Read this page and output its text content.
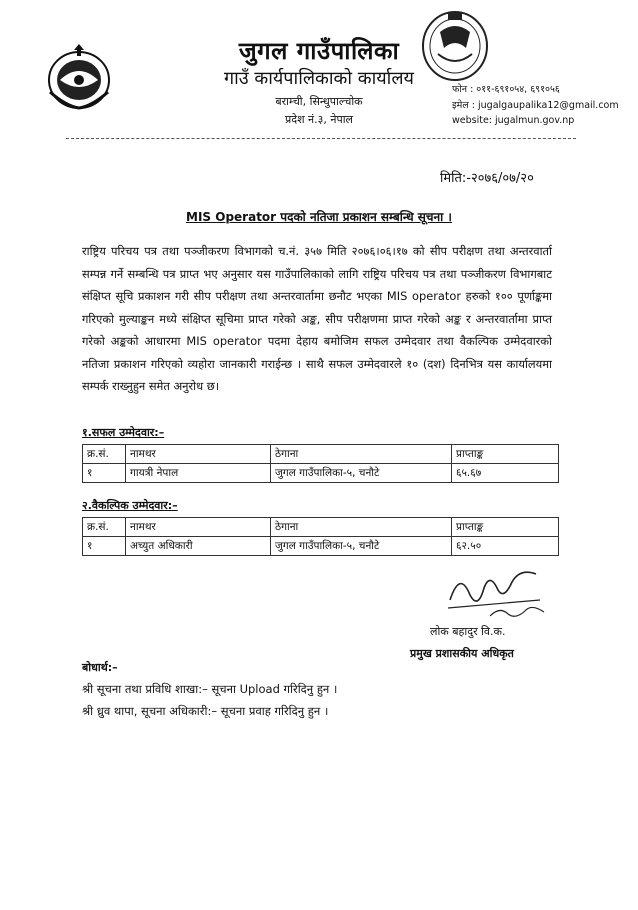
जुगल गाउँपालिका
गाउँ कार्यपालिकाको कार्यालय
बराम्ची, सिन्धुपाल्चोक
प्रदेश नं.३, नेपाल
फोन : ०११-६९१०५४, ६९१०५६
इमेल : jugalgaupalika12@gmail.com
website: jugalmun.gov.np
मिति:-२०७६/०७/२०
MIS Operator पदको नतिजा प्रकाशन सम्बन्धि सूचना ।
राष्ट्रिय परिचय पत्र तथा पञ्जीकरण विभागको च.नं. ३५७ मिति २०७६।०६।१७ को सीप परीक्षण तथा अन्तरवार्ता सम्पन्न गर्ने सम्बन्धि पत्र प्राप्त भए अनुसार यस गाउँपालिकाको लागि राष्ट्रिय परिचय पत्र तथा पञ्जीकरण विभागबाट संक्षिप्त सूचि प्रकाशन गरी सीप परीक्षण तथा अन्तरवार्तामा छनौट भएका MIS operator हरुको १०० पूर्णाङ्कमा गरिएको मुल्याङ्कन मध्ये संक्षिप्त सूचिमा प्राप्त गरेको अङ्क, सीप परीक्षणमा प्राप्त गरेको अङ्क र अन्तरवार्तामा प्राप्त गरेको अङ्कको आधारमा MIS operator पदमा देहाय बमोजिम सफल उम्मेदवार तथा वैकल्पिक उम्मेदवारको नतिजा प्रकाशन गरिएको व्यहोरा जानकारी गराईन्छ । साथै सफल उम्मेदवारले १० (दश) दिनभित्र यस कार्यालयमा सम्पर्क राख्नुहुन समेत अनुरोध छ।
१.सफल उम्मेदवार:–
क्र.सं.	नामथर	ठेगाना	प्राप्ताङ्क
१	गायत्री नेपाल	जुगल गाउँपालिका-५, चनौटे	६५.६७
२.वैकल्पिक उम्मेदवार:–
क्र.सं.	नामथर	ठेगाना	प्राप्ताङ्क
१	अच्युत अधिकारी	जुगल गाउँपालिका-५, चनौटे	६२.५०
लोक बहादुर वि.क.
प्रमुख प्रशासकीय अधिकृत
बोधार्थ:–
श्री सूचना तथा प्रविधि शाखा:– सूचना Upload गरिदिनु हुन ।
श्री ध्रुव थापा, सूचना अधिकारी:– सूचना प्रवाह गरिदिनु हुन ।
